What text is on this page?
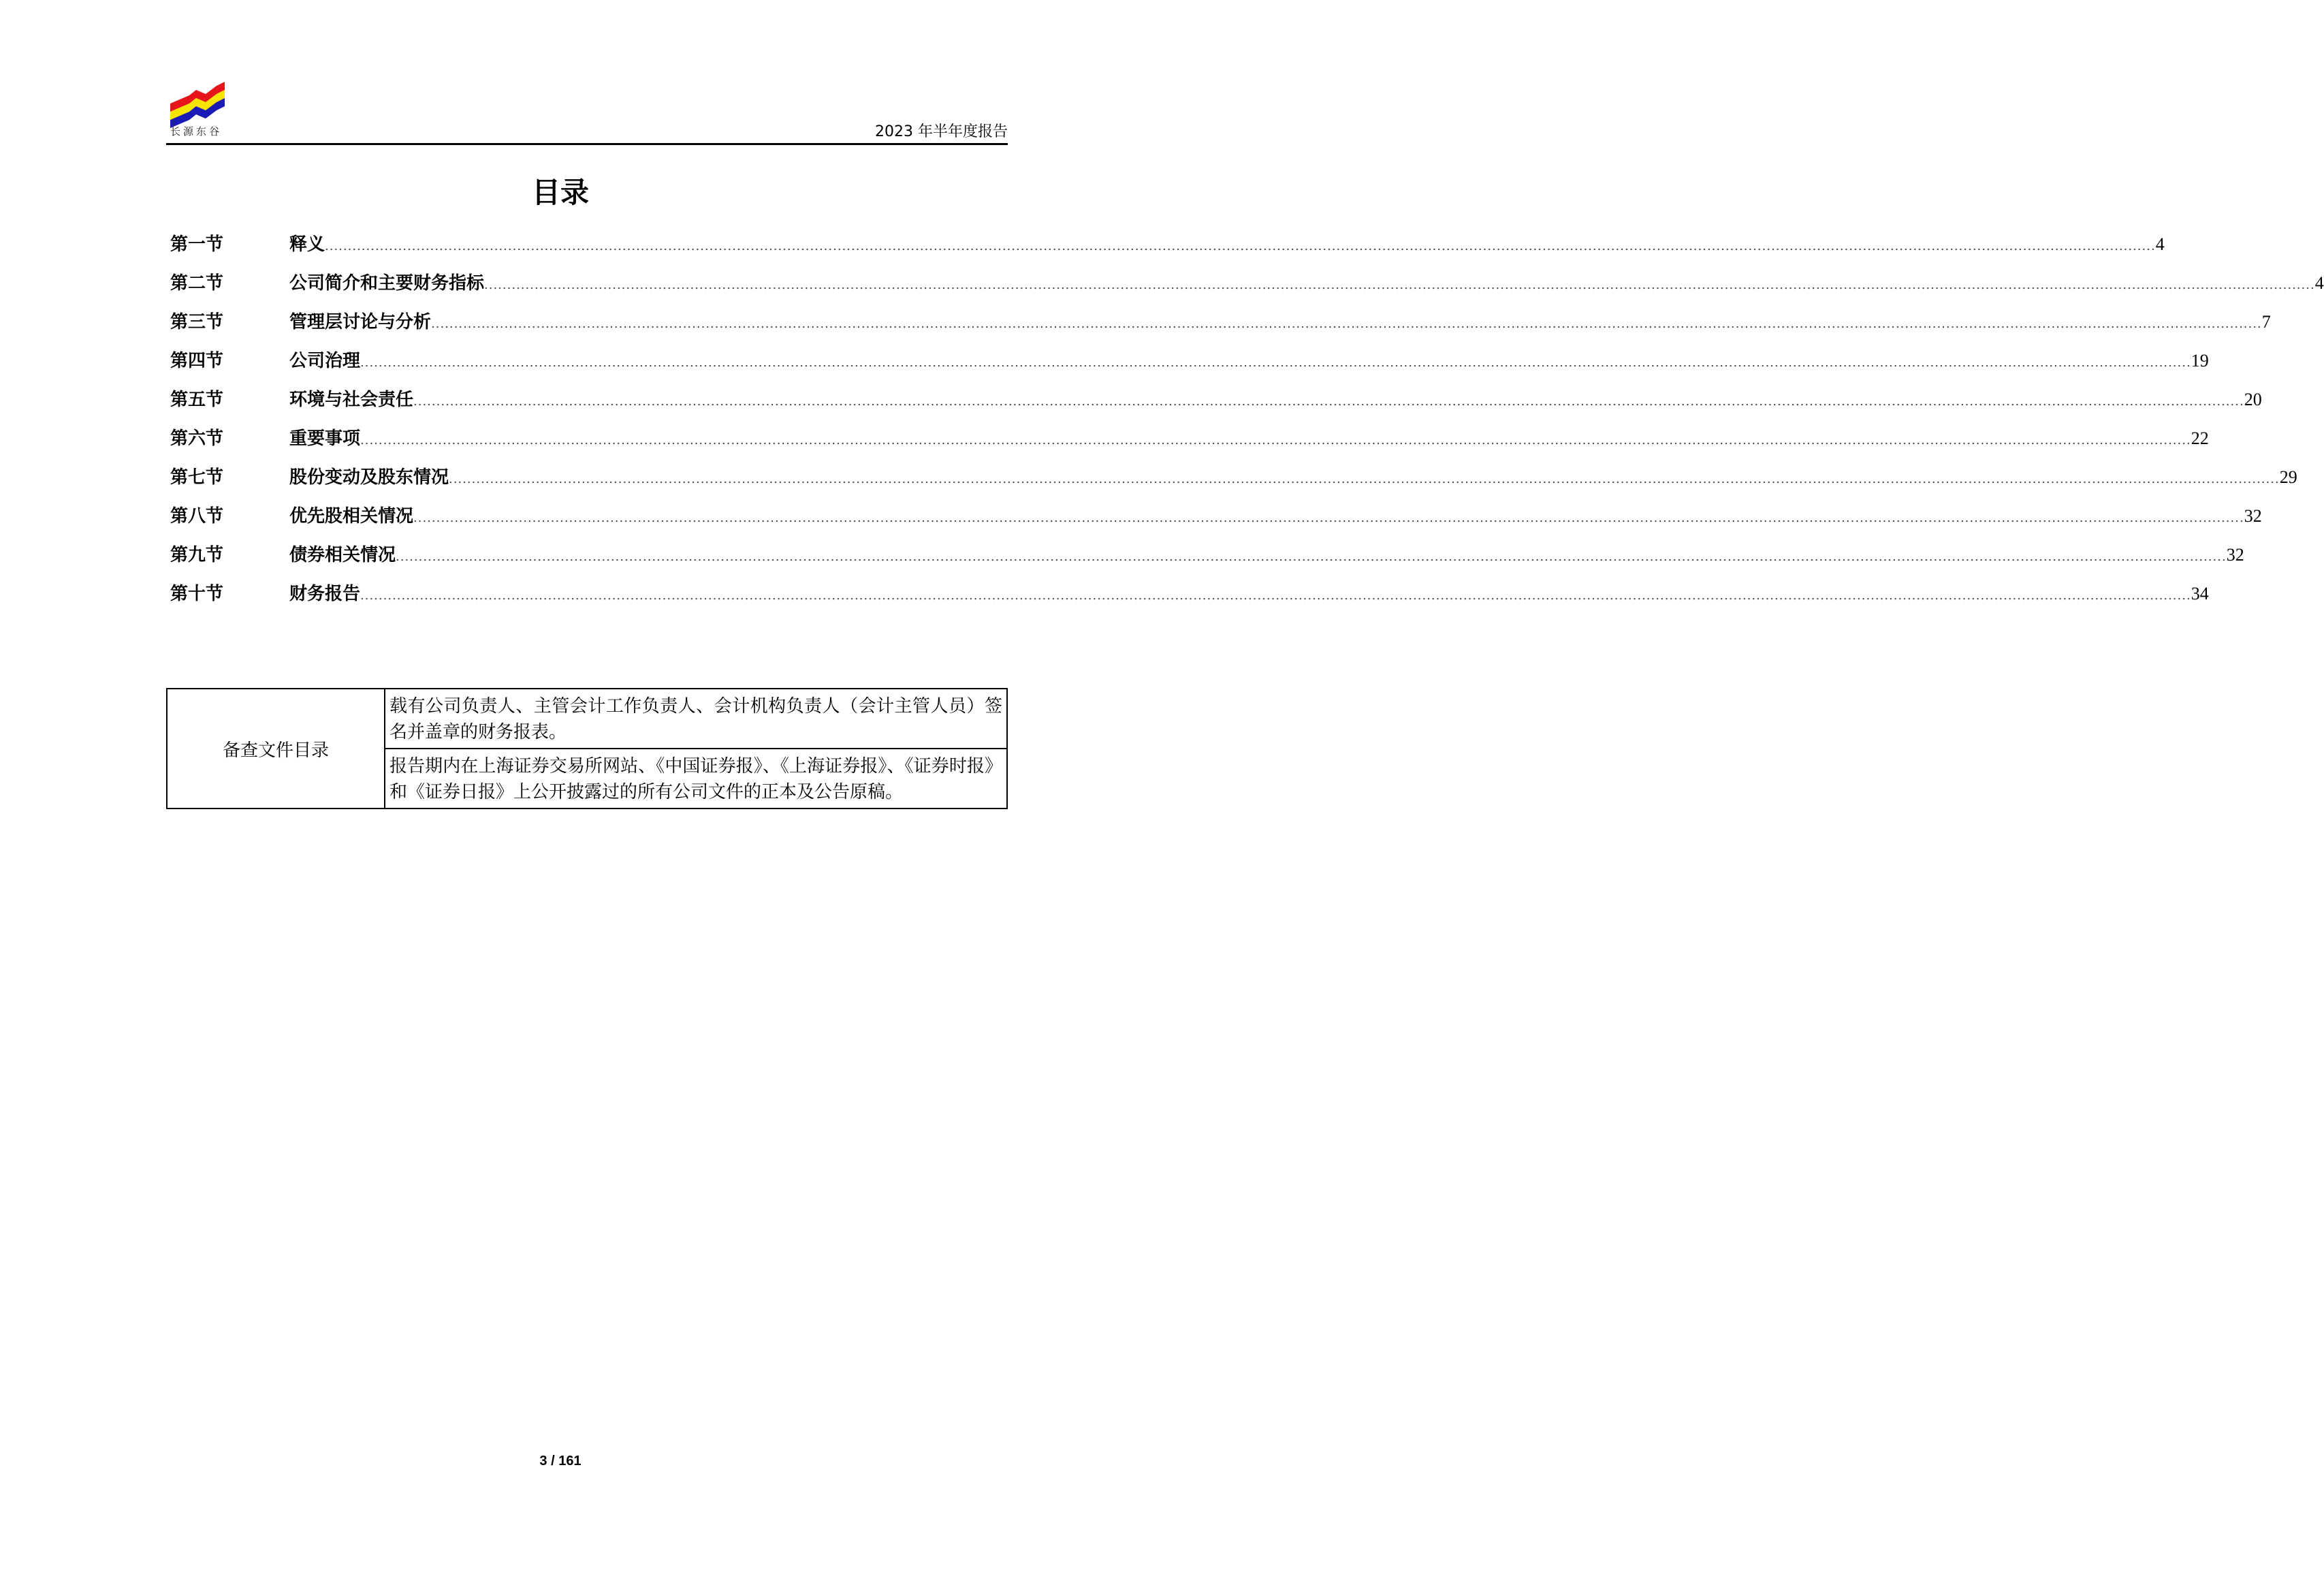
长源东谷	2023 年半年度报告
目录
第一节	释义 ................................................................................................................................................................................................................................................................................................................................................................................................................ 4
第二节	公司简介和主要财务指标 ................................................................................................................................................................................................................................................................................................................................................................................................................ 4
第三节	管理层讨论与分析 ................................................................................................................................................................................................................................................................................................................................................................................................................ 7
第四节	公司治理 ................................................................................................................................................................................................................................................................................................................................................................................................................ 19
第五节	环境与社会责任 ................................................................................................................................................................................................................................................................................................................................................................................................................ 20
第六节	重要事项 ................................................................................................................................................................................................................................................................................................................................................................................................................ 22
第七节	股份变动及股东情况 ................................................................................................................................................................................................................................................................................................................................................................................................................ 29
第八节	优先股相关情况 ................................................................................................................................................................................................................................................................................................................................................................................................................ 32
第九节	债券相关情况 ................................................................................................................................................................................................................................................................................................................................................................................................................ 32
第十节	财务报告 ................................................................................................................................................................................................................................................................................................................................................................................................................ 34
备查文件目录	载有公司负责人、主管会计工作负责人、会计机构负责人（会计主管人员）签名并盖章的财务报表。
报告期内在上海证券交易所网站、《中国证券报》、《上海证券报》、《证券时报》和《证券日报》上公开披露过的所有公司文件的正本及公告原稿。
3 / 161
